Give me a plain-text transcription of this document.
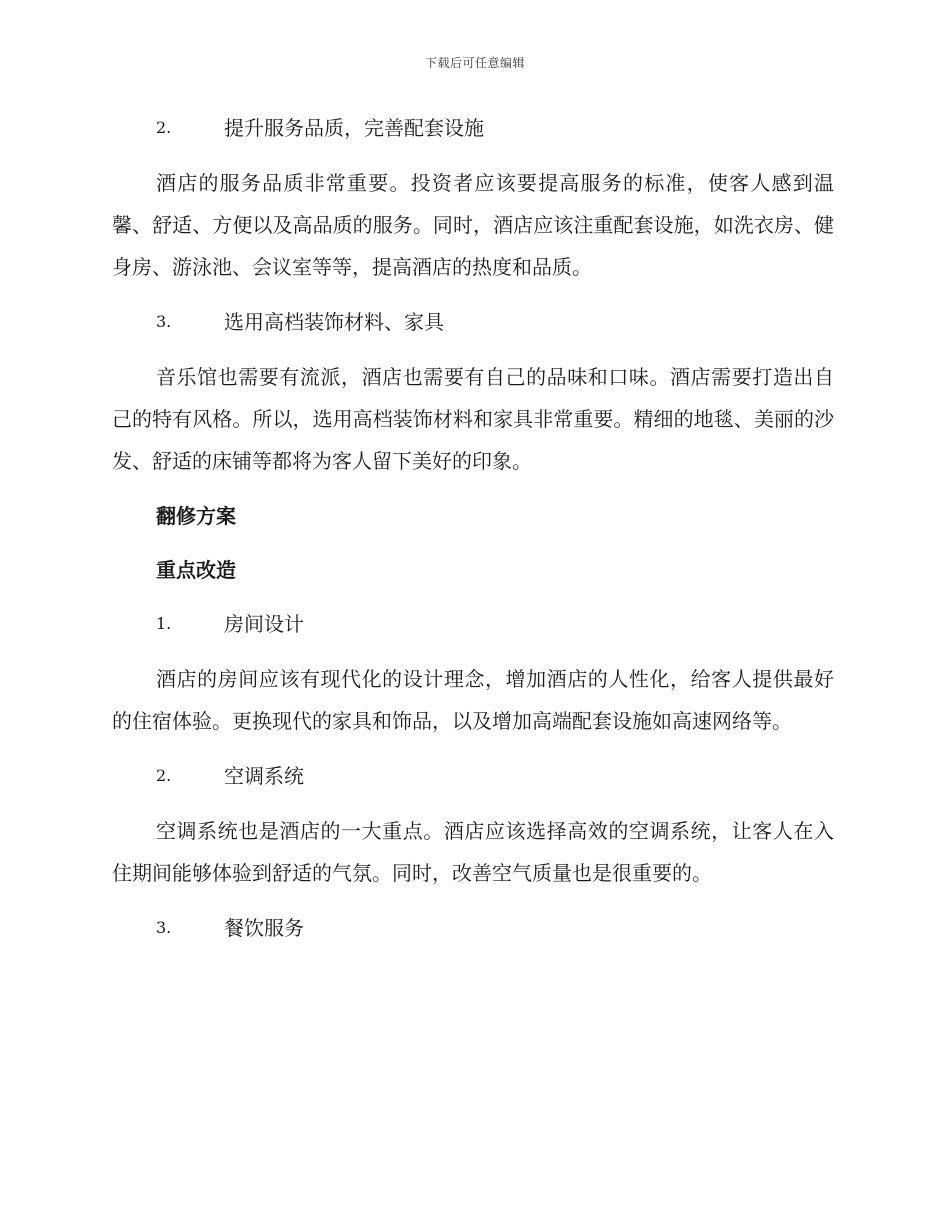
下载后可任意编辑
2.	提升服务品质，完善配套设施

酒店的服务品质非常重要。投资者应该要提高服务的标准，使客人感到温馨、舒适、方便以及高品质的服务。同时，酒店应该注重配套设施，如洗衣房、健身房、游泳池、会议室等等，提高酒店的热度和品质。

3.	选用高档装饰材料、家具

音乐馆也需要有流派，酒店也需要有自己的品味和口味。酒店需要打造出自己的特有风格。所以，选用高档装饰材料和家具非常重要。精细的地毯、美丽的沙发、舒适的床铺等都将为客人留下美好的印象。

翻修方案
重点改造
1.	房间设计

酒店的房间应该有现代化的设计理念，增加酒店的人性化，给客人提供最好的住宿体验。更换现代的家具和饰品，以及增加高端配套设施如高速网络等。

2.	空调系统

空调系统也是酒店的一大重点。酒店应该选择高效的空调系统，让客人在入住期间能够体验到舒适的气氛。同时，改善空气质量也是很重要的。

3.	餐饮服务
